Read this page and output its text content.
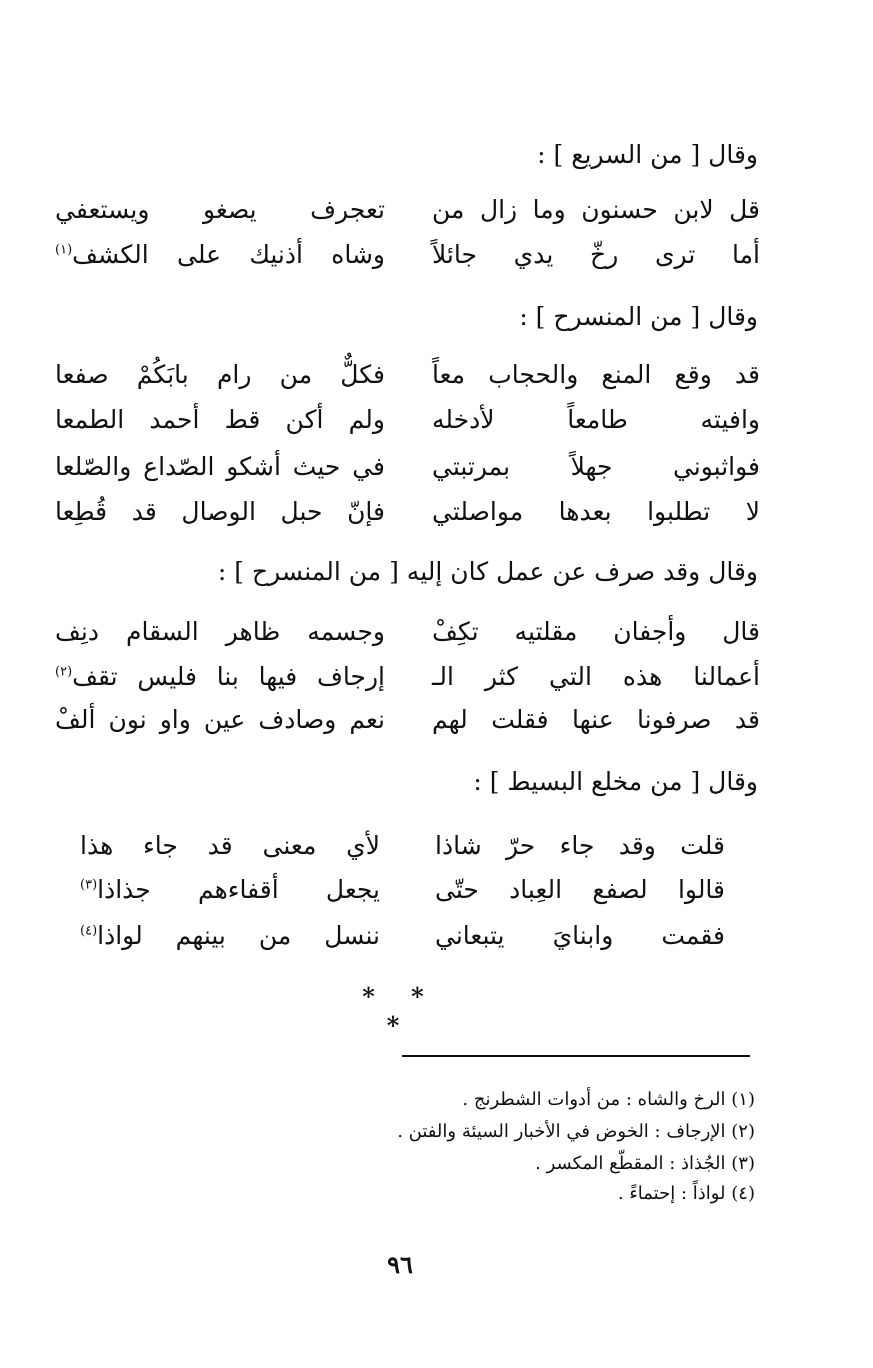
وقال [ من السريع ] :
قل لابن حسنون وما زال من
تعجرف يصغو ويستعفي
أما ترى رخّ يدي جائلاً
وشاه أذنيك على الكشف$^{(١)}$
وقال [ من المنسرح ] :
قد وقع المنع والحجاب معاً
فكلٌّ من رام بابَكُمْ صفعا
وافيته طامعاً لأدخله
ولم أكن قط أحمد الطمعا
فواثبوني جهلاً بمرتبتي
في حيث أشكو الصّداع والصّلعا
لا تطلبوا بعدها مواصلتي
فإنّ حبل الوصال قد قُطِعا
وقال وقد صرف عن عمل كان إليه [ من المنسرح ] :
قال وأجفان مقلتيه تكِفْ
وجسمه ظاهر السقام دنِف
أعمالنا هذه التي كثر الـ
إرجاف فيها بنا فليس تقف$^{(٢)}$
قد صرفونا عنها فقلت لهم
نعم وصادف عين واو نون ألفْ
وقال [ من مخلع البسيط ] :
قلت وقد جاء حرّ شاذا
لأي معنى قد جاء هذا
قالوا لصفع العِباد حتّى
يجعل أقفاءهم جذاذا$^{(٣)}$
فقمت وابنايَ يتبعاني
ننسل من بينهم لواذا$^{(٤)}$
* * *
(١) الرخ والشاه : من أدوات الشطرنج .
(٢) الإرجاف : الخوض في الأخبار السيئة والفتن .
(٣) الجُذاذ : المقطّع المكسر .
(٤) لواذاً : إحتماءً .
٩٦
